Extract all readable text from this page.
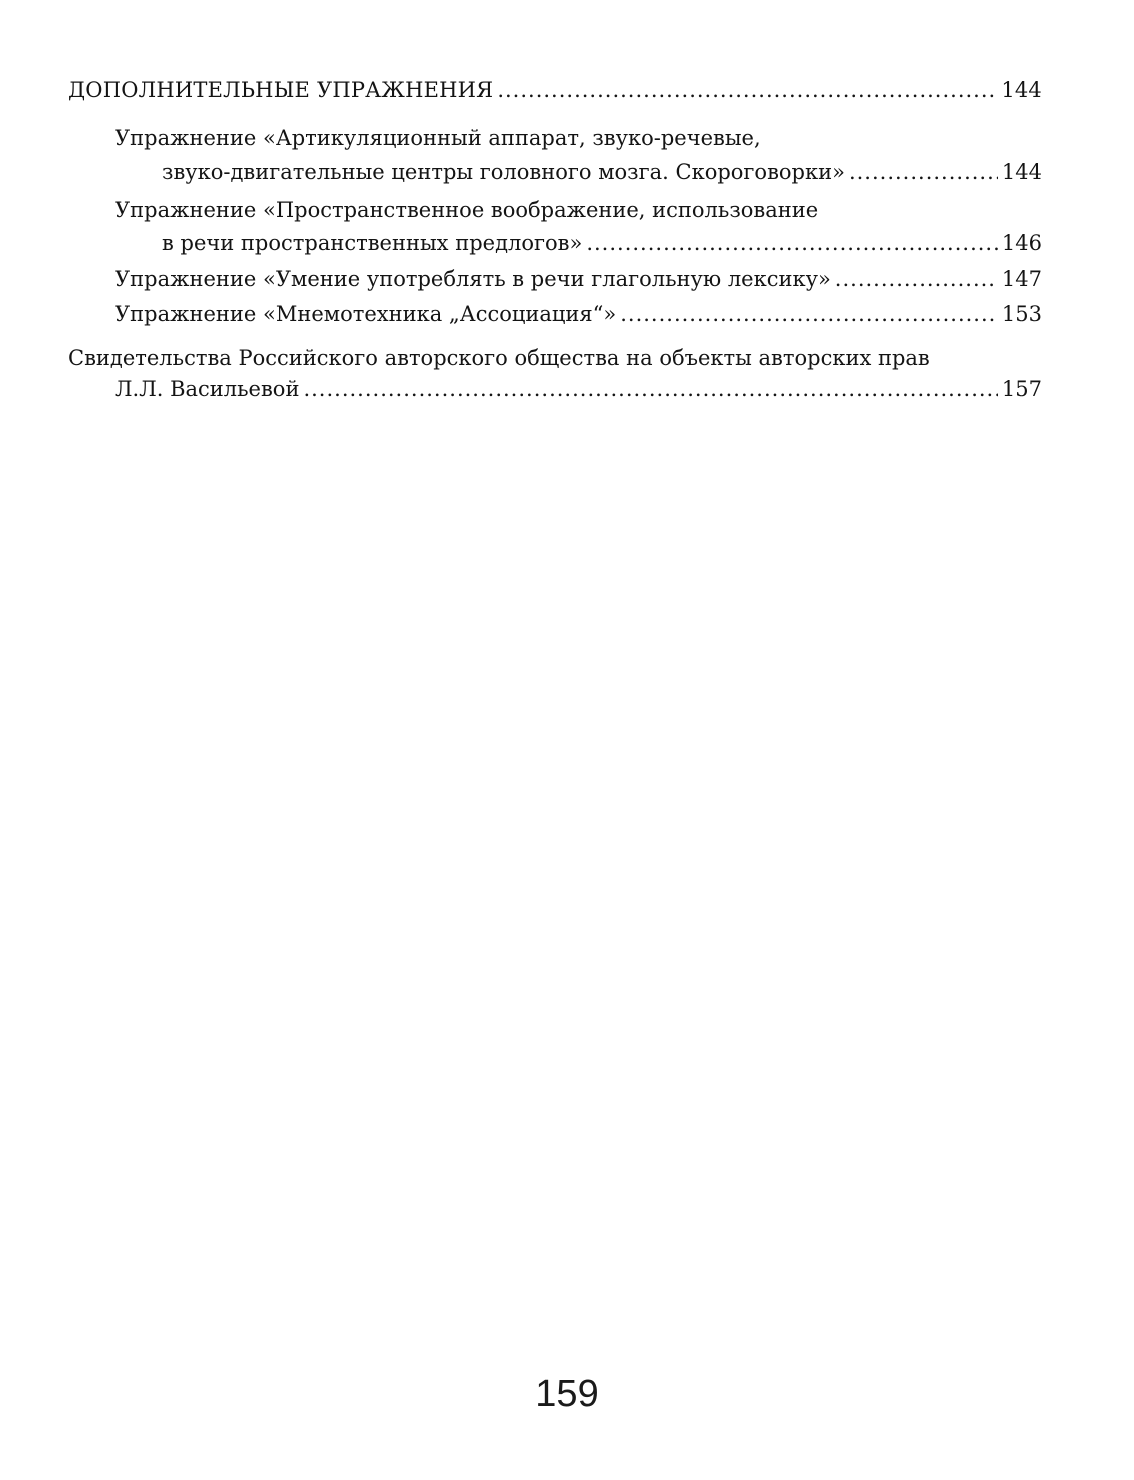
ДОПОЛНИТЕЛЬНЫЕ УПРАЖНЕНИЯ .....	144
Упражнение «Артикуляционный аппарат, звуко-речевые,
звуко-двигательные центры головного мозга. Скороговорки» .....	144
Упражнение «Пространственное воображение, использование
в речи пространственных предлогов» .....	146
Упражнение «Умение употреблять в речи глагольную лексику» .....	147
Упражнение «Мнемотехника „Ассоциация“» .....	153
Свидетельства Российского авторского общества на объекты авторских прав
Л.Л. Васильевой .....	157
159
